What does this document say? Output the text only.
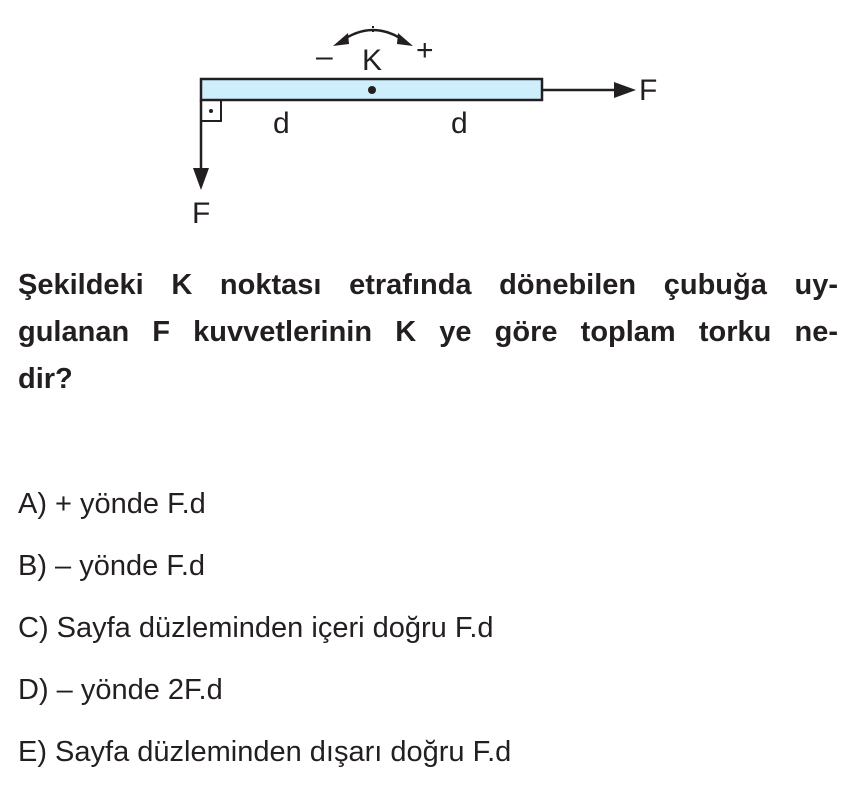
– K +
F
F
d	d
Şekildeki K noktası etrafında dönebilen çubuğa uy-
gulanan F kuvvetlerinin K ye göre toplam torku ne-
dir?
A) + yönde F.d
B) – yönde F.d
C) Sayfa düzleminden içeri doğru F.d
D) – yönde 2F.d
E) Sayfa düzleminden dışarı doğru F.d
